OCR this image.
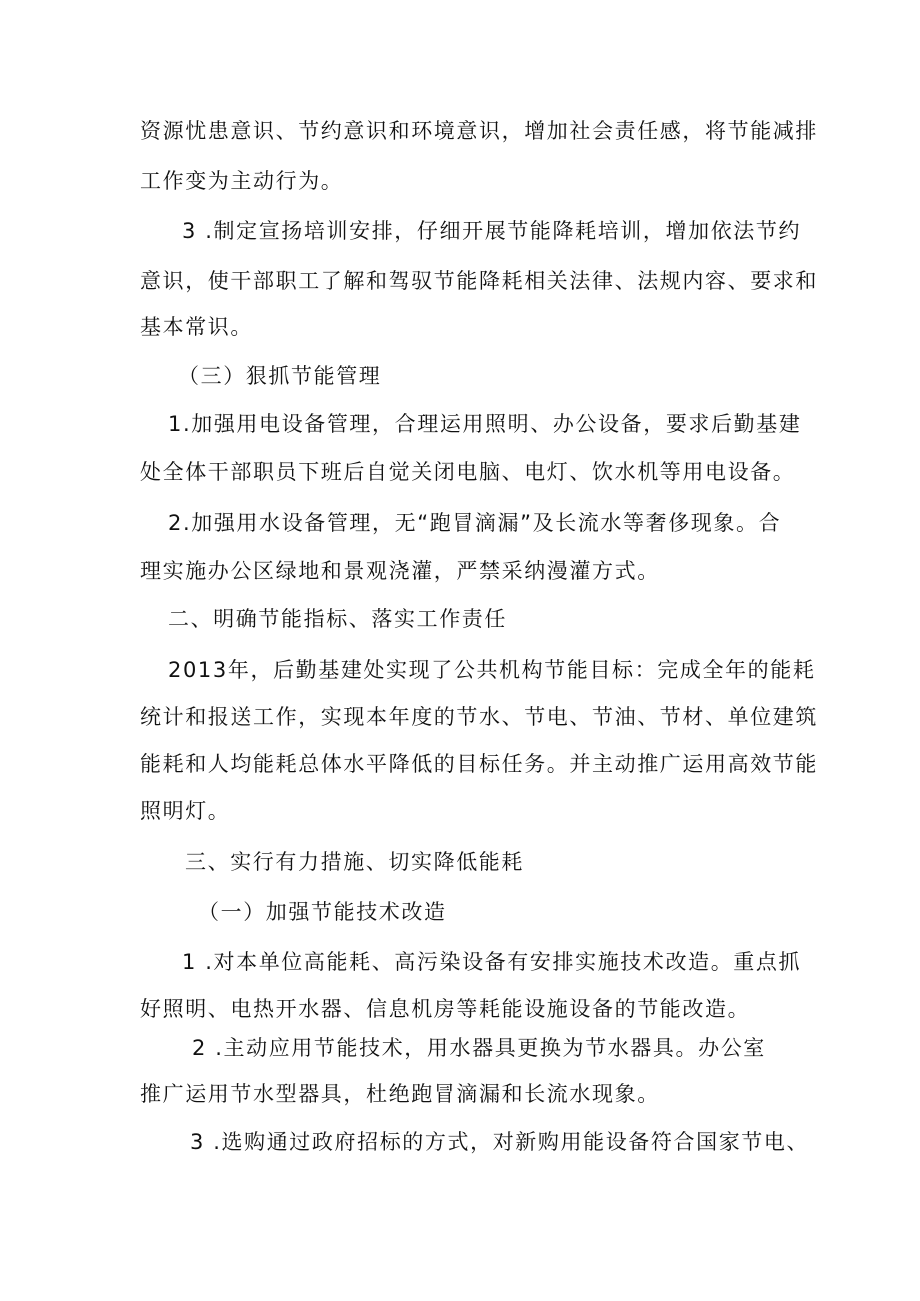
资源忧患意识、节约意识和环境意识，增加社会责任感，将节能减排

工作变为主动行为。

3 .制定宣扬培训安排，仔细开展节能降耗培训，增加依法节约

意识，使干部职工了解和驾驭节能降耗相关法律、法规内容、要求和

基本常识。

（三）狠抓节能管理

1.加强用电设备管理，合理运用照明、办公设备，要求后勤基建

处全体干部职员下班后自觉关闭电脑、电灯、饮水机等用电设备。

2.加强用水设备管理，无“跑冒滴漏”及长流水等奢侈现象。合

理实施办公区绿地和景观浇灌，严禁采纳漫灌方式。

二、明确节能指标、落实工作责任

2013年，后勤基建处实现了公共机构节能目标：完成全年的能耗

统计和报送工作，实现本年度的节水、节电、节油、节材、单位建筑

能耗和人均能耗总体水平降低的目标任务。并主动推广运用高效节能

照明灯。

三、实行有力措施、切实降低能耗

（一）加强节能技术改造

1 .对本单位高能耗、高污染设备有安排实施技术改造。重点抓

好照明、电热开水器、信息机房等耗能设施设备的节能改造。

2 .主动应用节能技术，用水器具更换为节水器具。办公室

推广运用节水型器具，杜绝跑冒滴漏和长流水现象。

3 .选购通过政府招标的方式，对新购用能设备符合国家节电、
